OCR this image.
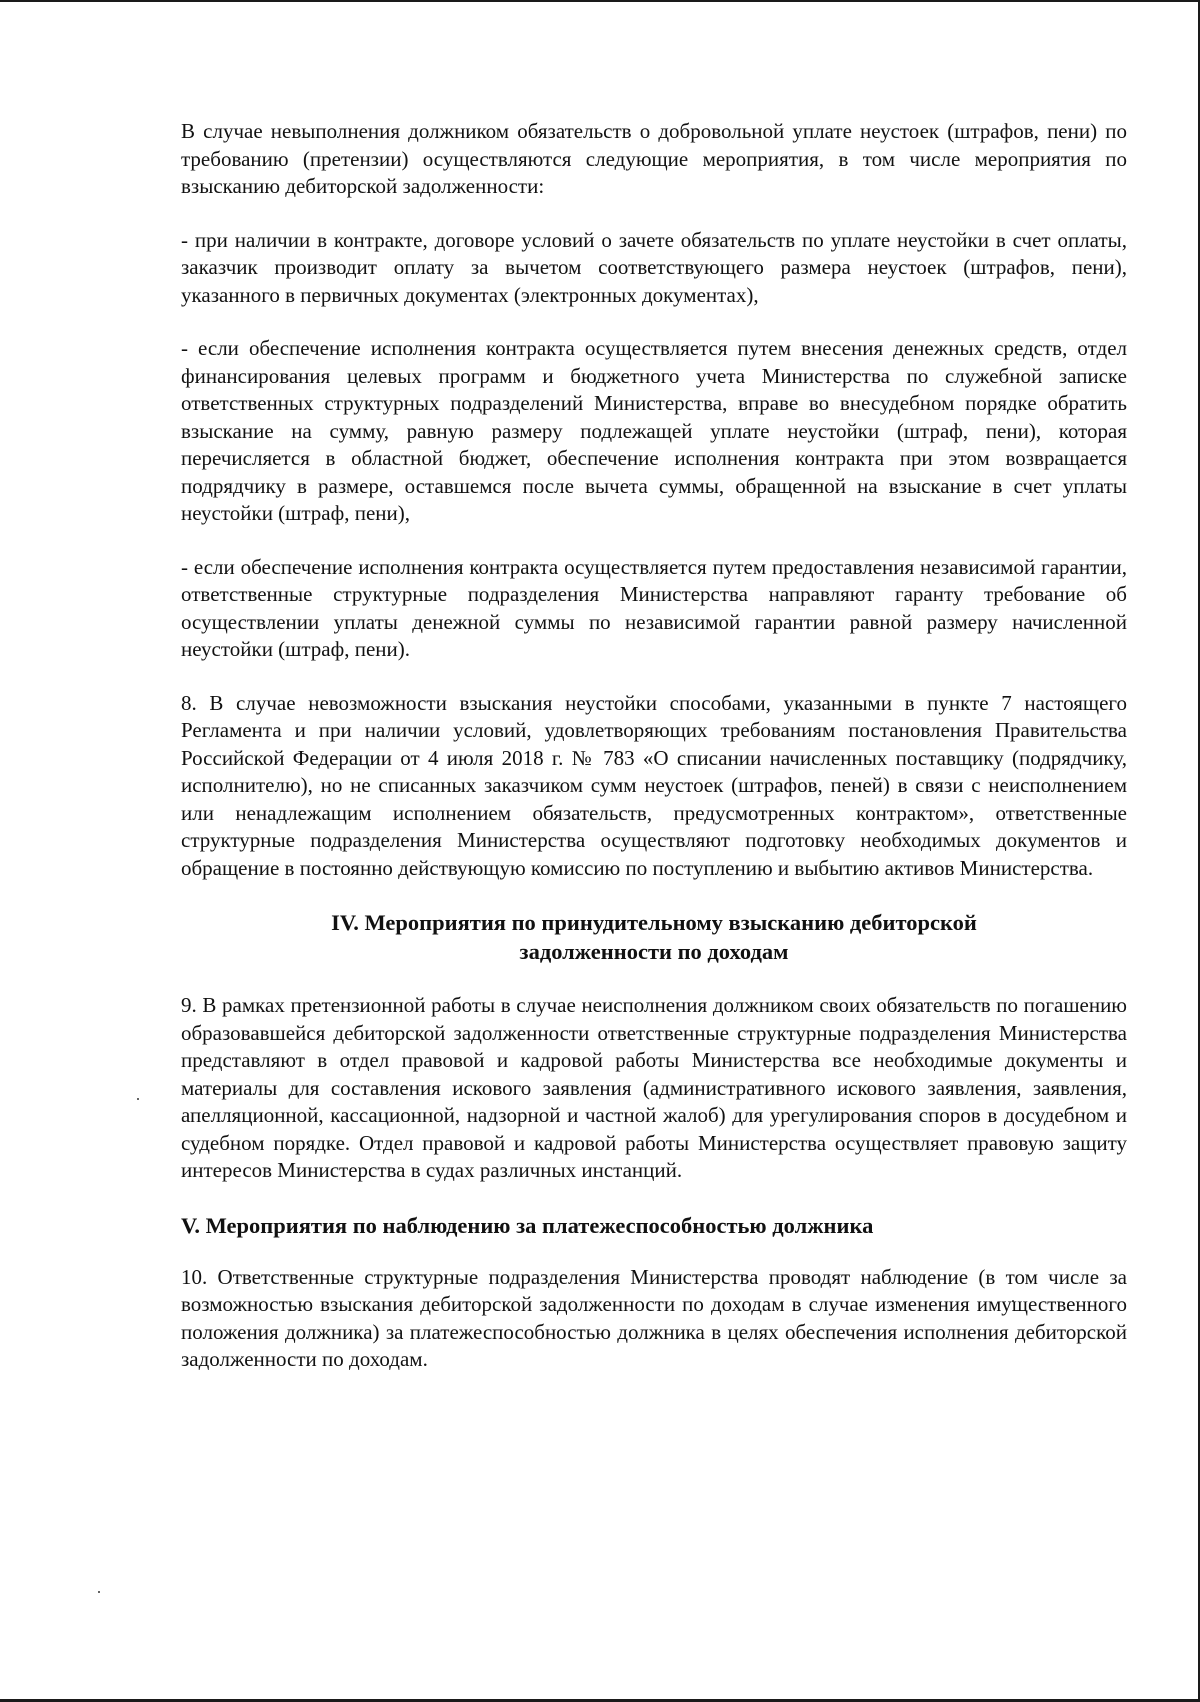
В случае невыполнения должником обязательств о добровольной уплате неустоек (штрафов, пени) по требованию (претензии) осуществляются следующие мероприятия, в том числе мероприятия по взысканию дебиторской задолженности:

- при наличии в контракте, договоре условий о зачете обязательств по уплате неустойки в счет оплаты, заказчик производит оплату за вычетом соответствующего размера неустоек (штрафов, пени), указанного в первичных документах (электронных документах),

- если обеспечение исполнения контракта осуществляется путем внесения денежных средств, отдел финансирования целевых программ и бюджетного учета Министерства по служебной записке ответственных структурных подразделений Министерства, вправе во внесудебном порядке обратить взыскание на сумму, равную размеру подлежащей уплате неустойки (штраф, пени), которая перечисляется в областной бюджет, обеспечение исполнения контракта при этом возвращается подрядчику в размере, оставшемся после вычета суммы, обращенной на взыскание в счет уплаты неустойки (штраф, пени),

- если обеспечение исполнения контракта осуществляется путем предоставления независимой гарантии, ответственные структурные подразделения Министерства направляют гаранту требование об осуществлении уплаты денежной суммы по независимой гарантии равной размеру начисленной неустойки (штраф, пени).

8. В случае невозможности взыскания неустойки способами, указанными в пункте 7 настоящего Регламента и при наличии условий, удовлетворяющих требованиям постановления Правительства Российской Федерации от 4 июля 2018 г. № 783 «О списании начисленных поставщику (подрядчику, исполнителю), но не списанных заказчиком сумм неустоек (штрафов, пеней) в связи с неисполнением или ненадлежащим исполнением обязательств, предусмотренных контрактом», ответственные структурные подразделения Министерства осуществляют подготовку необходимых документов и обращение в постоянно действующую комиссию по поступлению и выбытию активов Министерства.

IV. Мероприятия по принудительному взысканию дебиторской
задолженности по доходам

9. В рамках претензионной работы в случае неисполнения должником своих обязательств по погашению образовавшейся дебиторской задолженности ответственные структурные подразделения Министерства представляют в отдел правовой и кадровой работы Министерства все необходимые документы и материалы для составления искового заявления (административного искового заявления, заявления, апелляционной, кассационной, надзорной и частной жалоб) для урегулирования споров в досудебном и судебном порядке. Отдел правовой и кадровой работы Министерства осуществляет правовую защиту интересов Министерства в судах различных инстанций.

V. Мероприятия по наблюдению за платежеспособностью должника

10. Ответственные структурные подразделения Министерства проводят наблюдение (в том числе за возможностью взыскания дебиторской задолженности по доходам в случае изменения имущественного положения должника) за платежеспособностью должника в целях обеспечения исполнения дебиторской задолженности по доходам.
